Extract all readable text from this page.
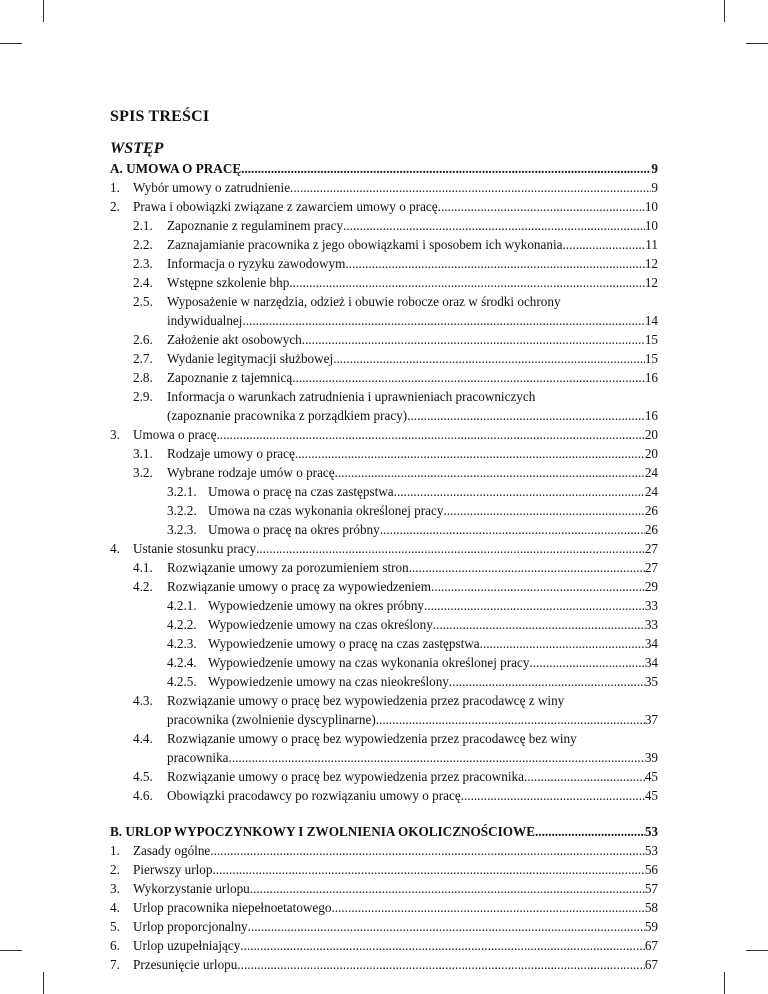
SPIS TREŚCI
WSTĘP
A. UMOWA O PRACĘ .....	9
1. Wybór umowy o zatrudnienie .....	9
2. Prawa i obowiązki związane z zawarciem umowy o pracę .....	10
2.1.	Zapoznanie z regulaminem pracy .....	10
2.2.	Zaznajamianie pracownika z jego obowiązkami i sposobem ich wykonania .....	11
2.3.	Informacja o ryzyku zawodowym .....	12
2.4.	Wstępne szkolenie bhp .....	12
2.5.	Wyposażenie w narzędzia, odzież i obuwie robocze oraz w środki ochrony
indywidualnej .....	14
2.6.	Założenie akt osobowych .....	15
2.7.	Wydanie legitymacji służbowej .....	15
2.8.	Zapoznanie z tajemnicą .....	16
2.9.	Informacja o warunkach zatrudnienia i uprawnieniach pracowniczych
(zapoznanie pracownika z porządkiem pracy) .....	16
3. Umowa o pracę .....	20
3.1.	Rodzaje umowy o pracę .....	20
3.2.	Wybrane rodzaje umów o pracę .....	24
3.2.1. Umowa o pracę na czas zastępstwa .....	24
3.2.2. Umowa na czas wykonania określonej pracy .....	26
3.2.3. Umowa o pracę na okres próbny .....	26
4. Ustanie stosunku pracy .....	27
4.1.	Rozwiązanie umowy za porozumieniem stron .....	27
4.2.	Rozwiązanie umowy o pracę za wypowiedzeniem .....	29
4.2.1. Wypowiedzenie umowy na okres próbny .....	33
4.2.2. Wypowiedzenie umowy na czas określony .....	33
4.2.3. Wypowiedzenie umowy o pracę na czas zastępstwa .....	34
4.2.4. Wypowiedzenie umowy na czas wykonania określonej pracy .....	34
4.2.5. Wypowiedzenie umowy na czas nieokreślony .....	35
4.3.	Rozwiązanie umowy o pracę bez wypowiedzenia przez pracodawcę z winy
pracownika (zwolnienie dyscyplinarne) .....	37
4.4.	Rozwiązanie umowy o pracę bez wypowiedzenia przez pracodawcę bez winy
pracownika .....	39
4.5.	Rozwiązanie umowy o pracę bez wypowiedzenia przez pracownika .....	45
4.6.	Obowiązki pracodawcy po rozwiązaniu umowy o pracę .....	45
B. URLOP WYPOCZYNKOWY I ZWOLNIENIA OKOLICZNOŚCIOWE .....	53
1. Zasady ogólne .....	53
2. Pierwszy urlop .....	56
3. Wykorzystanie urlopu .....	57
4. Urlop pracownika niepełnoetatowego .....	58
5. Urlop proporcjonalny .....	59
6. Urlop uzupełniający .....	67
7. Przesunięcie urlopu .....	67
